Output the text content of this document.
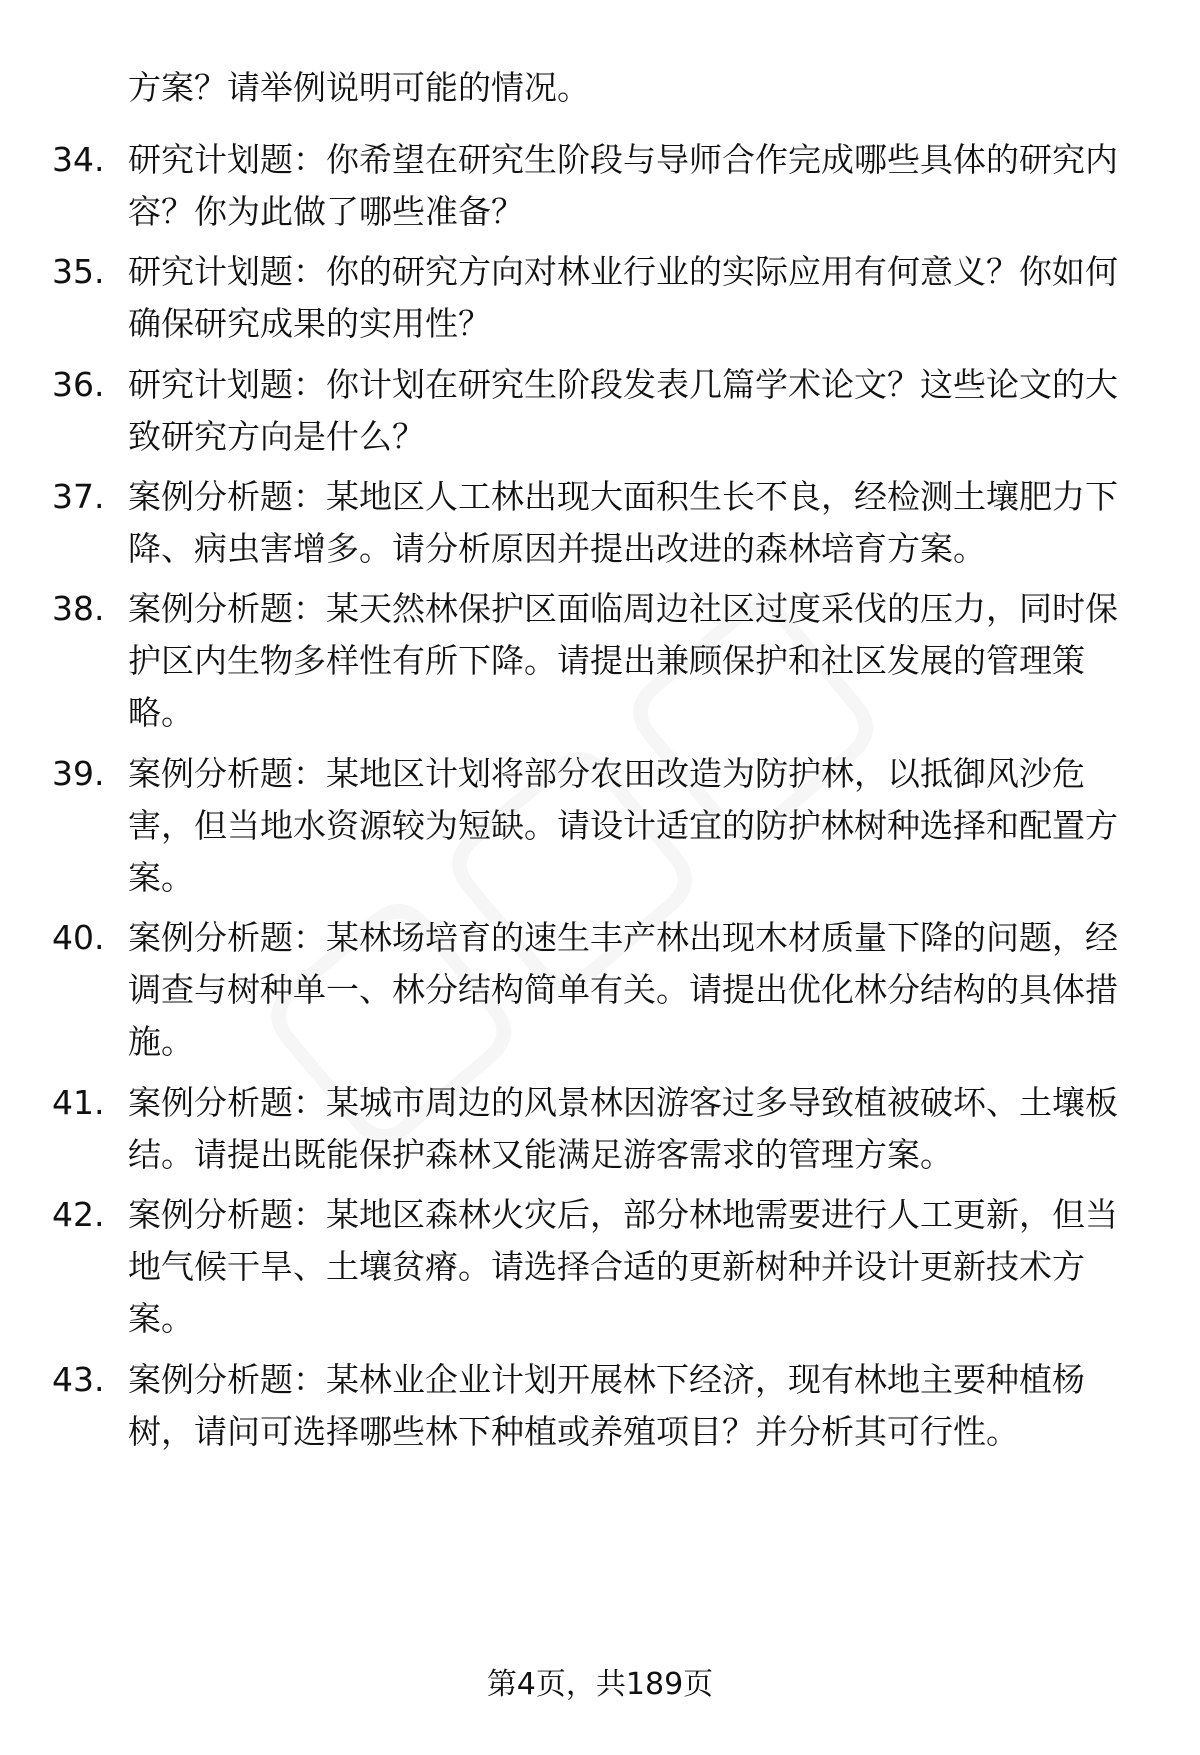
方案？请举例说明可能的情况。
34. 研究计划题：你希望在研究生阶段与导师合作完成哪些具体的研究内容？你为此做了哪些准备？
35. 研究计划题：你的研究方向对林业行业的实际应用有何意义？你如何确保研究成果的实用性？
36. 研究计划题：你计划在研究生阶段发表几篇学术论文？这些论文的大致研究方向是什么？
37. 案例分析题：某地区人工林出现大面积生长不良，经检测土壤肥力下降、病虫害增多。请分析原因并提出改进的森林培育方案。
38. 案例分析题：某天然林保护区面临周边社区过度采伐的压力，同时保护区内生物多样性有所下降。请提出兼顾保护和社区发展的管理策略。
39. 案例分析题：某地区计划将部分农田改造为防护林，以抵御风沙危害，但当地水资源较为短缺。请设计适宜的防护林树种选择和配置方案。
40. 案例分析题：某林场培育的速生丰产林出现木材质量下降的问题，经调查与树种单一、林分结构简单有关。请提出优化林分结构的具体措施。
41. 案例分析题：某城市周边的风景林因游客过多导致植被破坏、土壤板结。请提出既能保护森林又能满足游客需求的管理方案。
42. 案例分析题：某地区森林火灾后，部分林地需要进行人工更新，但当地气候干旱、土壤贫瘠。请选择合适的更新树种并设计更新技术方案。
43. 案例分析题：某林业企业计划开展林下经济，现有林地主要种植杨树，请问可选择哪些林下种植或养殖项目？并分析其可行性。
第4页，共189页
